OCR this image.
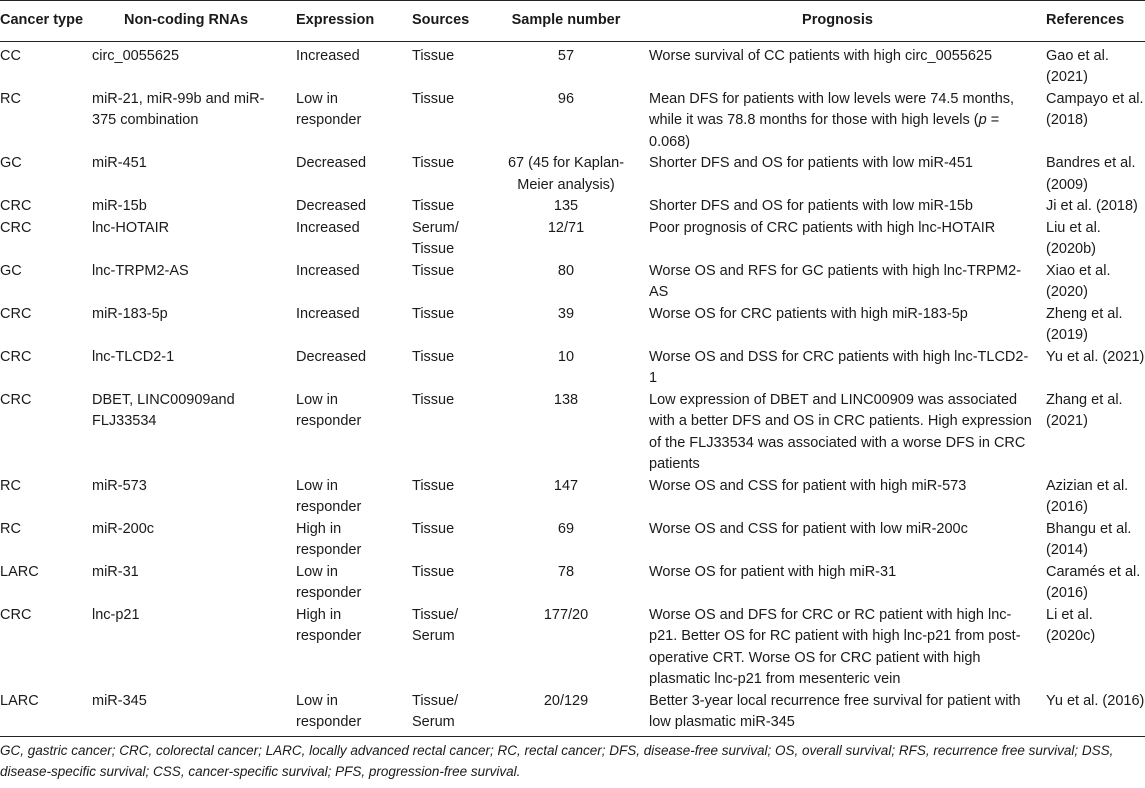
Cancer type	Non-coding RNAs	Expression	Sources	Sample number	Prognosis	References
CC	circ_0055625	Increased	Tissue	57	Worse survival of CC patients with high circ_0055625	Gao et al. (2021)
RC	miR-21, miR-99b and miR-375 combination	Low in responder	Tissue	96	Mean DFS for patients with low levels were 74.5 months, while it was 78.8 months for those with high levels (p = 0.068)	Campayo et al. (2018)
GC	miR-451	Decreased	Tissue	67 (45 for Kaplan-Meier analysis)	Shorter DFS and OS for patients with low miR-451	Bandres et al. (2009)
CRC	miR-15b	Decreased	Tissue	135	Shorter DFS and OS for patients with low miR-15b	Ji et al. (2018)
CRC	lnc-HOTAIR	Increased	Serum/ Tissue	12/71	Poor prognosis of CRC patients with high lnc-HOTAIR	Liu et al. (2020b)
GC	lnc-TRPM2-AS	Increased	Tissue	80	Worse OS and RFS for GC patients with high lnc-TRPM2-AS	Xiao et al. (2020)
CRC	miR-183-5p	Increased	Tissue	39	Worse OS for CRC patients with high miR-183-5p	Zheng et al. (2019)
CRC	lnc-TLCD2-1	Decreased	Tissue	10	Worse OS and DSS for CRC patients with high lnc-TLCD2-1	Yu et al. (2021)
CRC	DBET, LINC00909and FLJ33534	Low in responder	Tissue	138	Low expression of DBET and LINC00909 was associated with a better DFS and OS in CRC patients. High expression of the FLJ33534 was associated with a worse DFS in CRC patients	Zhang et al. (2021)
RC	miR-573	Low in responder	Tissue	147	Worse OS and CSS for patient with high miR-573	Azizian et al. (2016)
RC	miR-200c	High in responder	Tissue	69	Worse OS and CSS for patient with low miR-200c	Bhangu et al. (2014)
LARC	miR-31	Low in responder	Tissue	78	Worse OS for patient with high miR-31	Caramés et al. (2016)
CRC	lnc-p21	High in responder	Tissue/ Serum	177/20	Worse OS and DFS for CRC or RC patient with high lnc-p21. Better OS for RC patient with high lnc-p21 from post-operative CRT. Worse OS for CRC patient with high plasmatic lnc-p21 from mesenteric vein	Li et al. (2020c)
LARC	miR-345	Low in responder	Tissue/ Serum	20/129	Better 3-year local recurrence free survival for patient with low plasmatic miR-345	Yu et al. (2016)
GC, gastric cancer; CRC, colorectal cancer; LARC, locally advanced rectal cancer; RC, rectal cancer; DFS, disease-free survival; OS, overall survival; RFS, recurrence free survival; DSS, disease-specific survival; CSS, cancer-specific survival; PFS, progression-free survival.
